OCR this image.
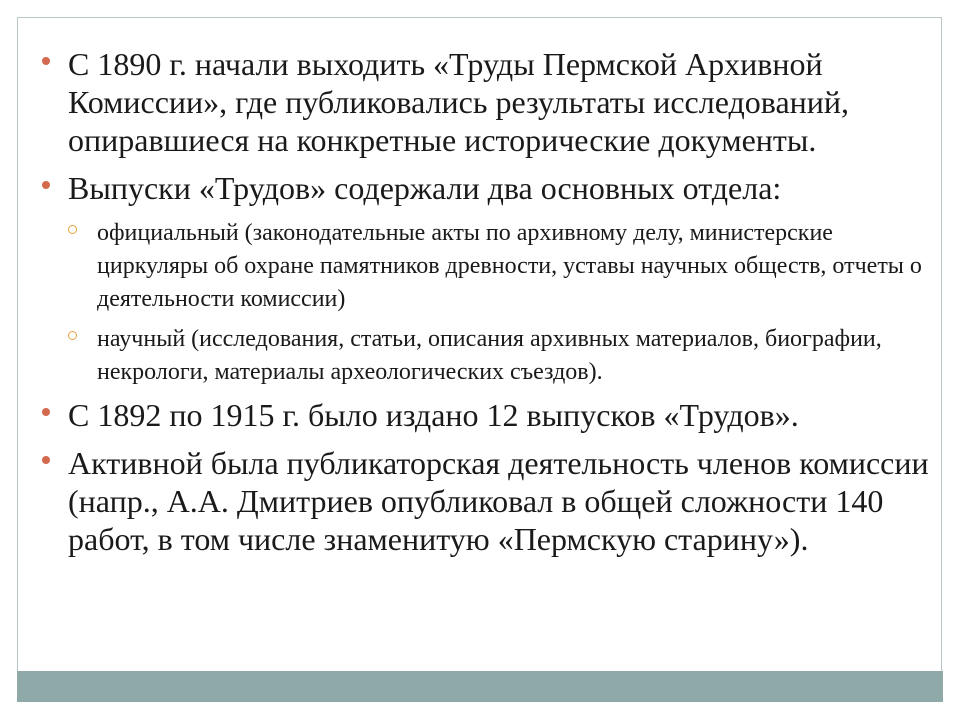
С 1890 г. начали выходить «Труды Пермской Архивной Комиссии», где публиковались результаты исследований, опиравшиеся на конкретные исторические документы.
Выпуски «Трудов» содержали два основных отдела:
официальный (законодательные акты по архивному делу, министерские циркуляры об охране памятников древности, уставы научных обществ, отчеты о деятельности комиссии)
научный (исследования, статьи, описания архивных материалов, биографии, некрологи, материалы археологических съездов).
С 1892 по 1915 г. было издано 12 выпусков «Трудов».
Активной была публикаторская деятельность членов комиссии (напр., А.А. Дмитриев опубликовал в общей сложности 140 работ, в том числе знаменитую «Пермскую старину»).
